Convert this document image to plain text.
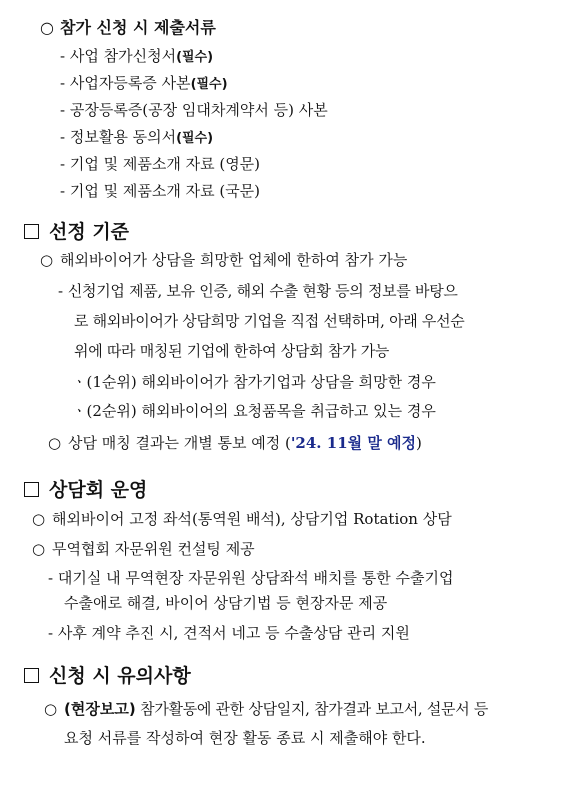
○ 참가 신청 시 제출서류
- 사업 참가신청서(필수)
- 사업자등록증 사본(필수)
- 공장등록증(공장 임대차계약서 등) 사본
- 정보활용 동의서(필수)
- 기업 및 제품소개 자료 (영문)
- 기업 및 제품소개 자료 (국문)
선정 기준
○ 해외바이어가 상담을 희망한 업체에 한하여 참가 가능
- 신청기업 제품, 보유 인증, 해외 수출 현황 등의 정보를 바탕으
로 해외바이어가 상담희망 기업을 직접 선택하며, 아래 우선순
위에 따라 매칭된 기업에 한하여 상담회 참가 가능
ㆍ(1순위) 해외바이어가 참가기업과 상담을 희망한 경우
ㆍ(2순위) 해외바이어의 요청품목을 취급하고 있는 경우
○ 상담 매칭 결과는 개별 통보 예정 ('24. 11월 말 예정)
상담회 운영
○ 해외바이어 고정 좌석(통역원 배석), 상담기업 Rotation 상담
○ 무역협회 자문위원 컨설팅 제공
- 대기실 내 무역현장 자문위원 상담좌석 배치를 통한 수출기업
수출애로 해결, 바이어 상담기법 등 현장자문 제공
- 사후 계약 추진 시, 견적서 네고 등 수출상담 관리 지원
신청 시 유의사항
○ (현장보고) 참가활동에 관한 상담일지, 참가결과 보고서, 설문서 등
요청 서류를 작성하여 현장 활동 종료 시 제출해야 한다.
